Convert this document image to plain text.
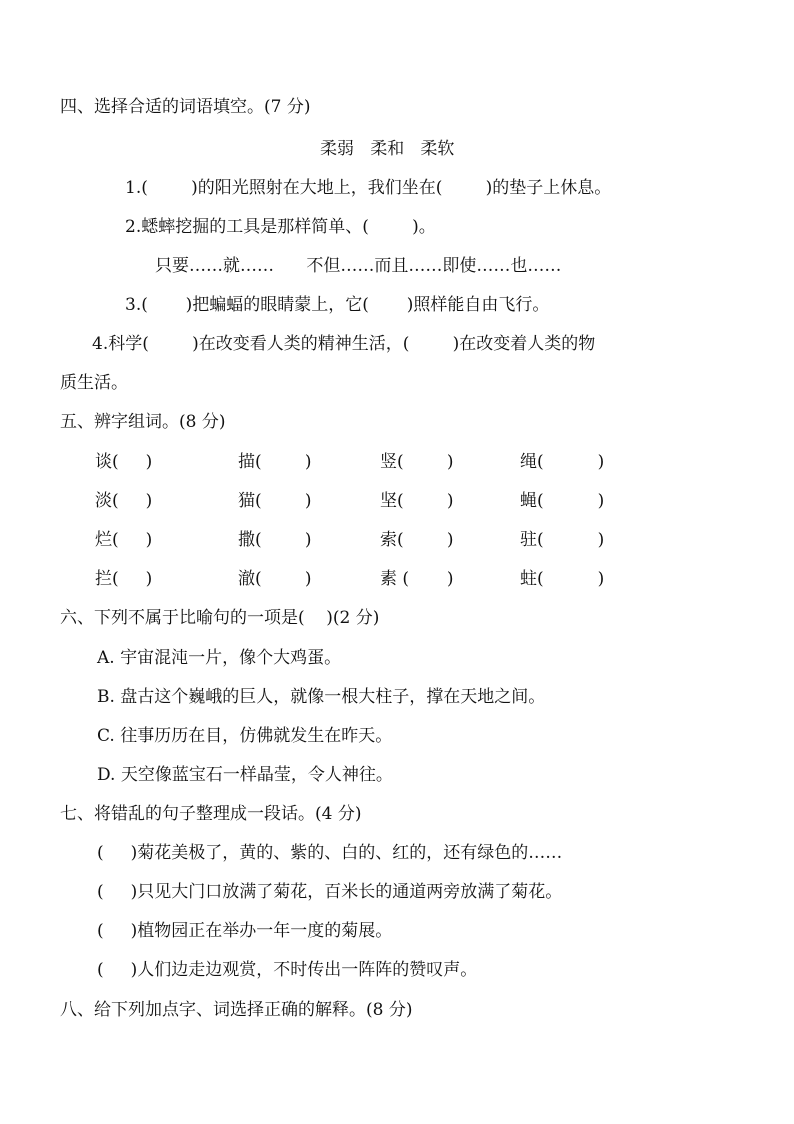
四、选择合适的词语填空。(7 分)
柔弱   柔和   柔软
1.(        )的阳光照射在大地上，我们坐在(        )的垫子上休息。
2.蟋蟀挖掘的工具是那样简单、(        )。
只要……就……      不但……而且……即使……也……
3.(       )把蝙蝠的眼睛蒙上，它(       )照样能自由飞行。
4.科学(        )在改变看人类的精神生活，(        )在改变着人类的物
质生活。
五、辨字组词。(8 分)
谈(     )	描(        )	竖(        )	绳(          )
淡(     )	猫(        )	坚(        )	蝇(          )
烂(     )	撒(        )	索(        )	驻(          )
拦(     )	澈(        )	素 (       )	蛀(          )
六、下列不属于比喻句的一项是(    )(2 分)
A. 宇宙混沌一片，像个大鸡蛋。
B. 盘古这个巍峨的巨人，就像一根大柱子，撑在天地之间。
C. 往事历历在目，仿佛就发生在昨天。
D. 天空像蓝宝石一样晶莹，令人神往。
七、将错乱的句子整理成一段话。(4 分)
(     )菊花美极了，黄的、紫的、白的、红的，还有绿色的……
(     )只见大门口放满了菊花，百米长的通道两旁放满了菊花。
(     )植物园正在举办一年一度的菊展。
(     )人们边走边观赏，不时传出一阵阵的赞叹声。
八、给下列加点字、词选择正确的解释。(8 分)
